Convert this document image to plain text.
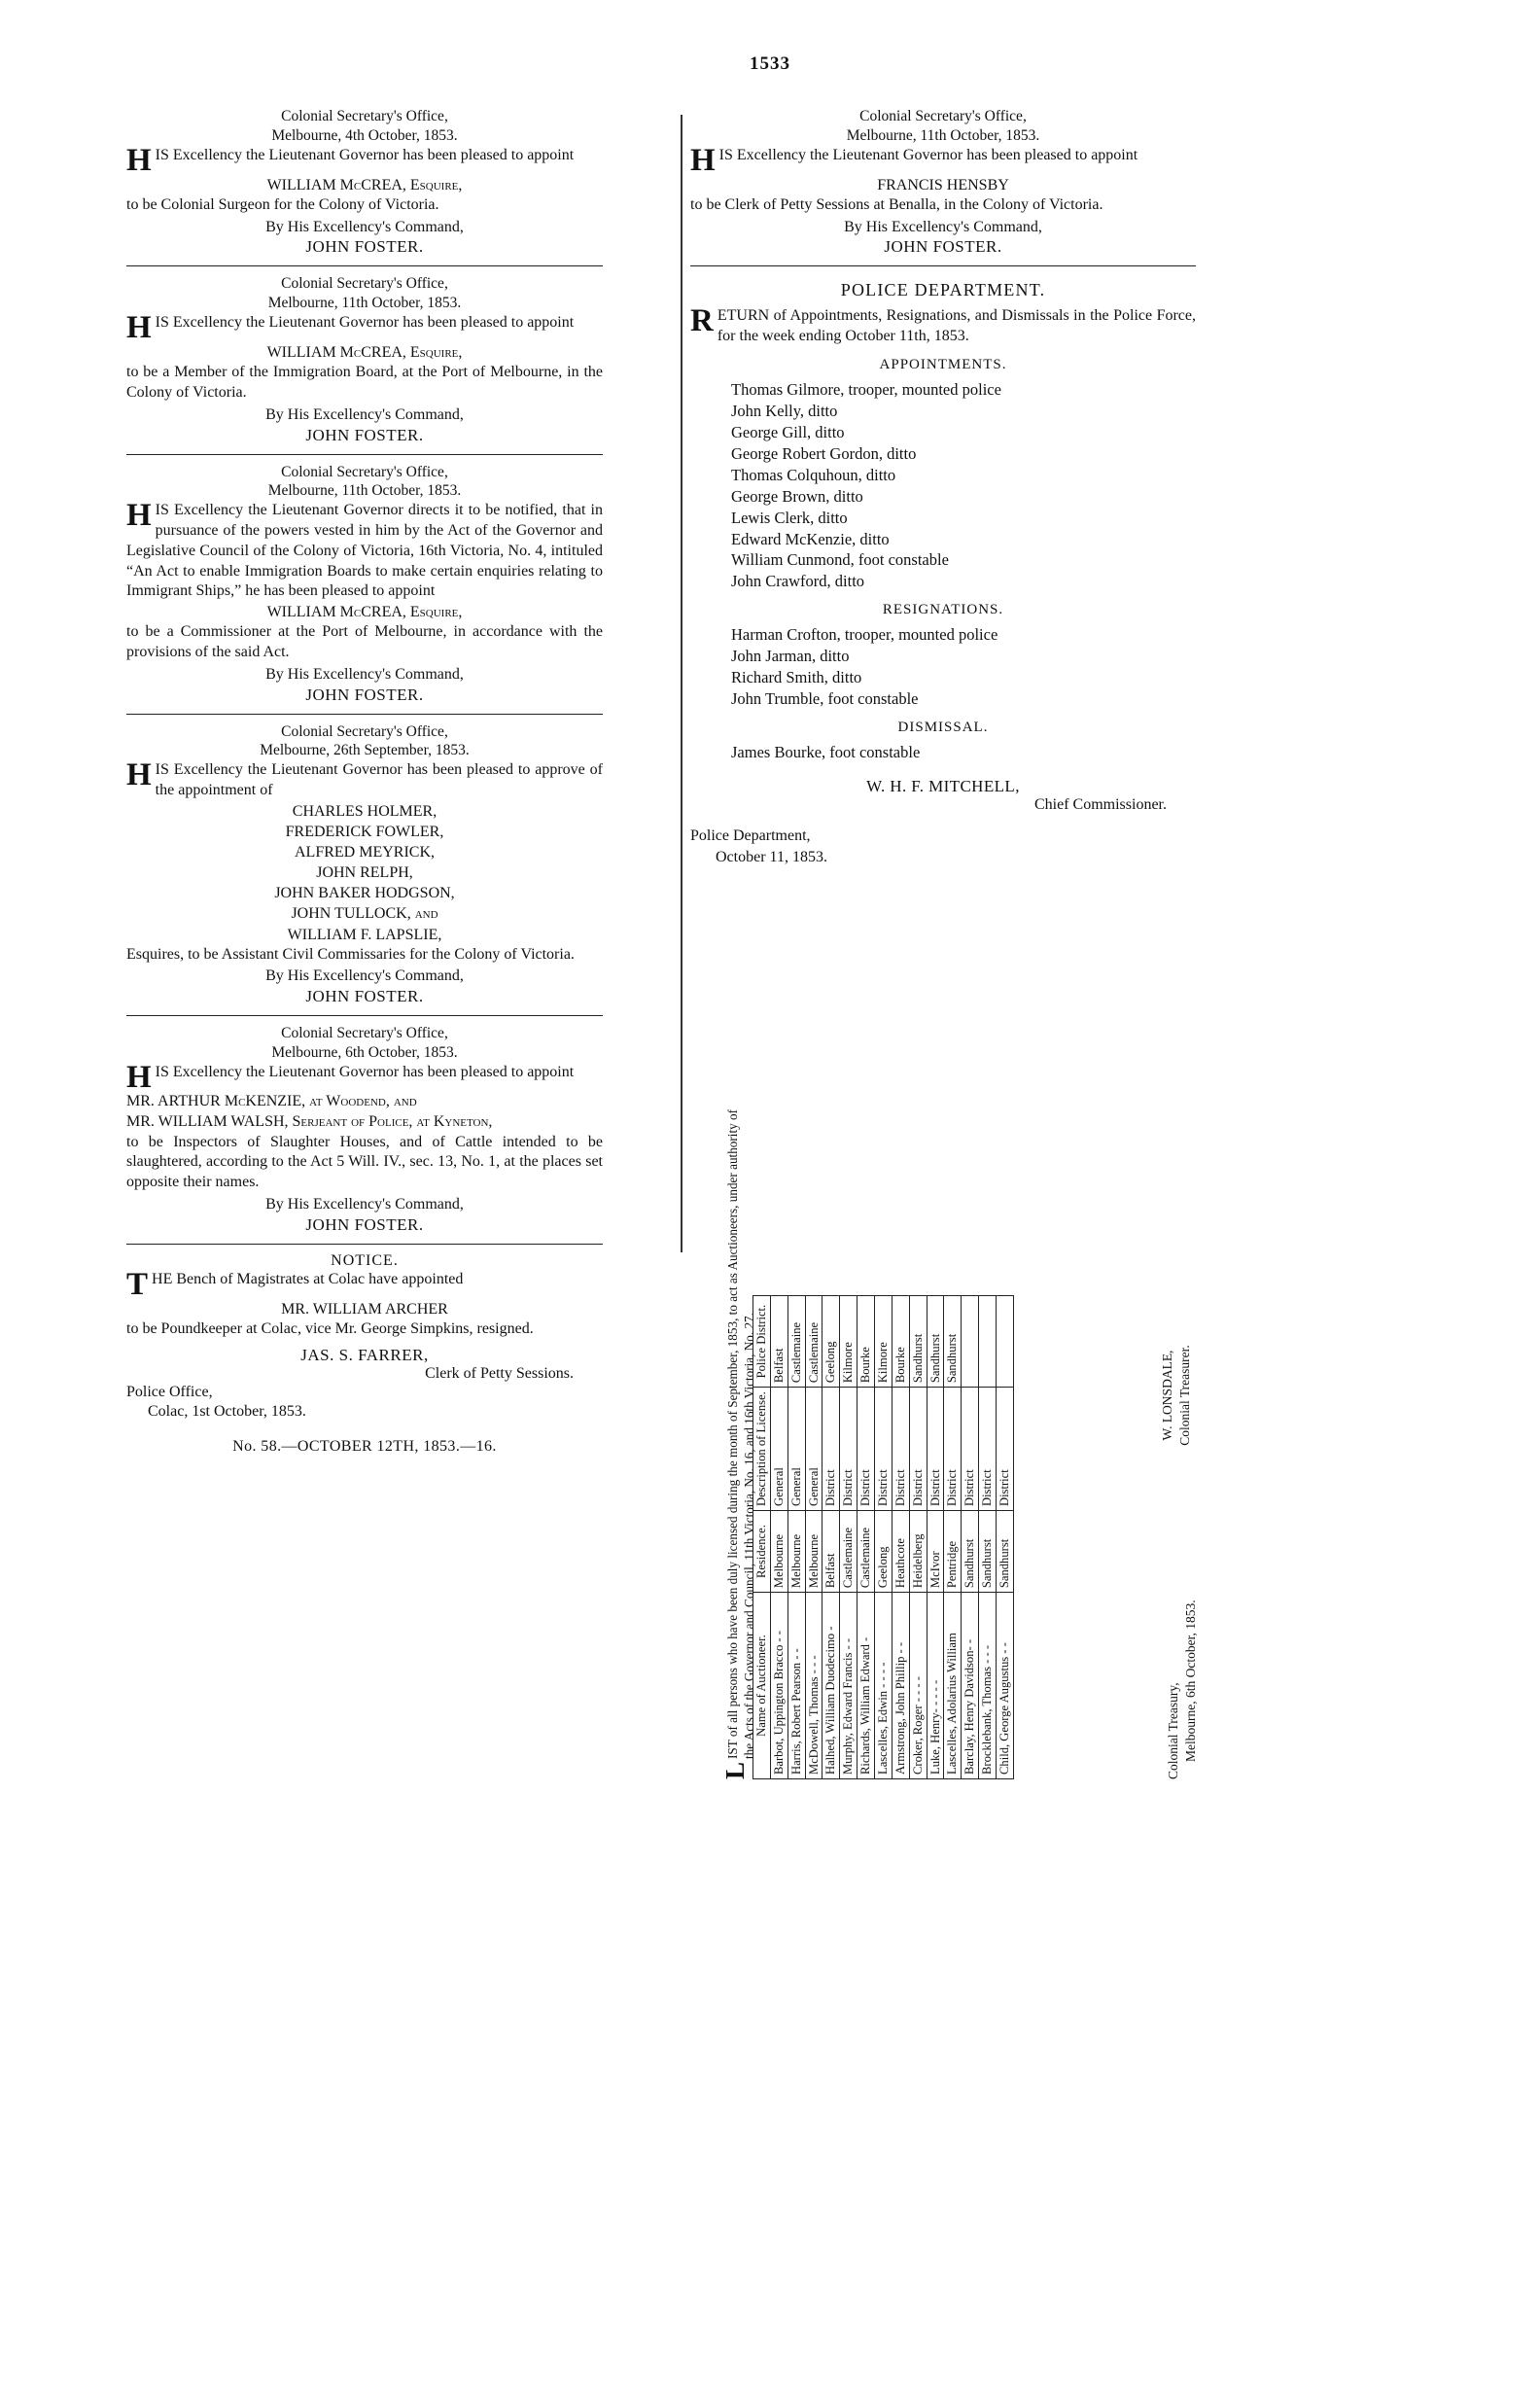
1533
Colonial Secretary's Office,
Melbourne, 4th October, 1853.
H IS Excellency the Lieutenant Governor has been pleased to appoint
WILLIAM McCREA, Esquire,
to be Colonial Surgeon for the Colony of Victoria.
By His Excellency's Command,
JOHN FOSTER.
Colonial Secretary's Office,
Melbourne, 11th October, 1853.
H IS Excellency the Lieutenant Governor has been pleased to appoint
WILLIAM McCREA, Esquire,
to be a Member of the Immigration Board, at the Port of Melbourne, in the Colony of Victoria.
By His Excellency's Command,
JOHN FOSTER.
Colonial Secretary's Office,
Melbourne, 11th October, 1853.
H IS Excellency the Lieutenant Governor directs it to be notified, that in pursuance of the powers vested in him by the Act of the Governor and Legislative Council of the Colony of Victoria, 16th Victoria, No. 4, intituled “An Act to enable Immigration Boards to make certain enquiries relating to Immigrant Ships,” he has been pleased to appoint
WILLIAM McCREA, Esquire,
to be a Commissioner at the Port of Melbourne, in accordance with the provisions of the said Act.
By His Excellency's Command,
JOHN FOSTER.
Colonial Secretary's Office,
Melbourne, 26th September, 1853.
H IS Excellency the Lieutenant Governor has been pleased to approve of the appointment of
CHARLES HOLMER,
FREDERICK FOWLER,
ALFRED MEYRICK,
JOHN RELPH,
JOHN BAKER HODGSON,
JOHN TULLOCK, and
WILLIAM F. LAPSLIE,
Esquires, to be Assistant Civil Commissaries for the Colony of Victoria.
By His Excellency's Command,
JOHN FOSTER.
Colonial Secretary's Office,
Melbourne, 6th October, 1853.
H IS Excellency the Lieutenant Governor has been pleased to appoint
MR. ARTHUR McKENZIE, at Woodend, and
MR. WILLIAM WALSH, Serjeant of Police, at Kyneton,
to be Inspectors of Slaughter Houses, and of Cattle intended to be slaughtered, according to the Act 5 Will. IV., sec. 13, No. 1, at the places set opposite their names.
By His Excellency's Command,
JOHN FOSTER.
NOTICE.
T HE Bench of Magistrates at Colac have appointed
MR. WILLIAM ARCHER
to be Poundkeeper at Colac, vice Mr. George Simpkins, resigned.
JAS. S. FARRER,
Clerk of Petty Sessions.
Police Office,
Colac, 1st October, 1853.
No. 58.—OCTOBER 12TH, 1853.—16.
Colonial Secretary's Office,
Melbourne, 11th October, 1853.
H IS Excellency the Lieutenant Governor has been pleased to appoint
FRANCIS HENSBY
to be Clerk of Petty Sessions at Benalla, in the Colony of Victoria.
By His Excellency's Command,
JOHN FOSTER.
POLICE DEPARTMENT.
R ETURN of Appointments, Resignations, and Dismissals in the Police Force, for the week ending October 11th, 1853.
APPOINTMENTS.
Thomas Gilmore, trooper, mounted police
John Kelly, ditto
George Gill, ditto
George Robert Gordon, ditto
Thomas Colquhoun, ditto
George Brown, ditto
Lewis Clerk, ditto
Edward McKenzie, ditto
William Cunmond, foot constable
John Crawford, ditto
RESIGNATIONS.
Harman Crofton, trooper, mounted police
John Jarman, ditto
Richard Smith, ditto
John Trumble, foot constable
DISMISSAL.
James Bourke, foot constable
W. H. F. MITCHELL,
Chief Commissioner.
Police Department,
October 11, 1853.
L
IST of all persons who have been duly licensed during the month of September, 1853, to act as Auctioneers, under authority of the Acts of the Governor and Council, 11th Victoria, No. 16, and 16th Victoria, No. 27.
Name of Auctioneer.	Residence.	Description of License.	Police District.
Barbot, Uppington Bracco - -	Melbourne	General	Belfast
Harris, Robert Pearson - -	Melbourne	General	Castlemaine
McDowell, Thomas - - -	Melbourne	General	Castlemaine
Halhed, William Duodecimo -	Belfast	District	Geelong
Murphy, Edward Francis - -	Castlemaine	District	Kilmore
Richards, William Edward -	Castlemaine	District	Bourke
Lascelles, Edwin - - - -	Geelong	District	Kilmore
Armstrong, John Phillip - -	Heathcote	District	Bourke
Croker, Roger - - - -	Heidelberg	District	Sandhurst
Luke, Henry- - - - -	McIvor	District	Sandhurst
Lascelles, Adolarius William	Pentridge	District	Sandhurst
Barclay, Henry Davidson- -	Sandhurst	District	
Brocklebank, Thomas - - -	Sandhurst	District	
Child, George Augustus - -	Sandhurst	District	
W. LONSDALE, Colonial Treasurer.
Colonial Treasury, Melbourne, 6th October, 1853.
